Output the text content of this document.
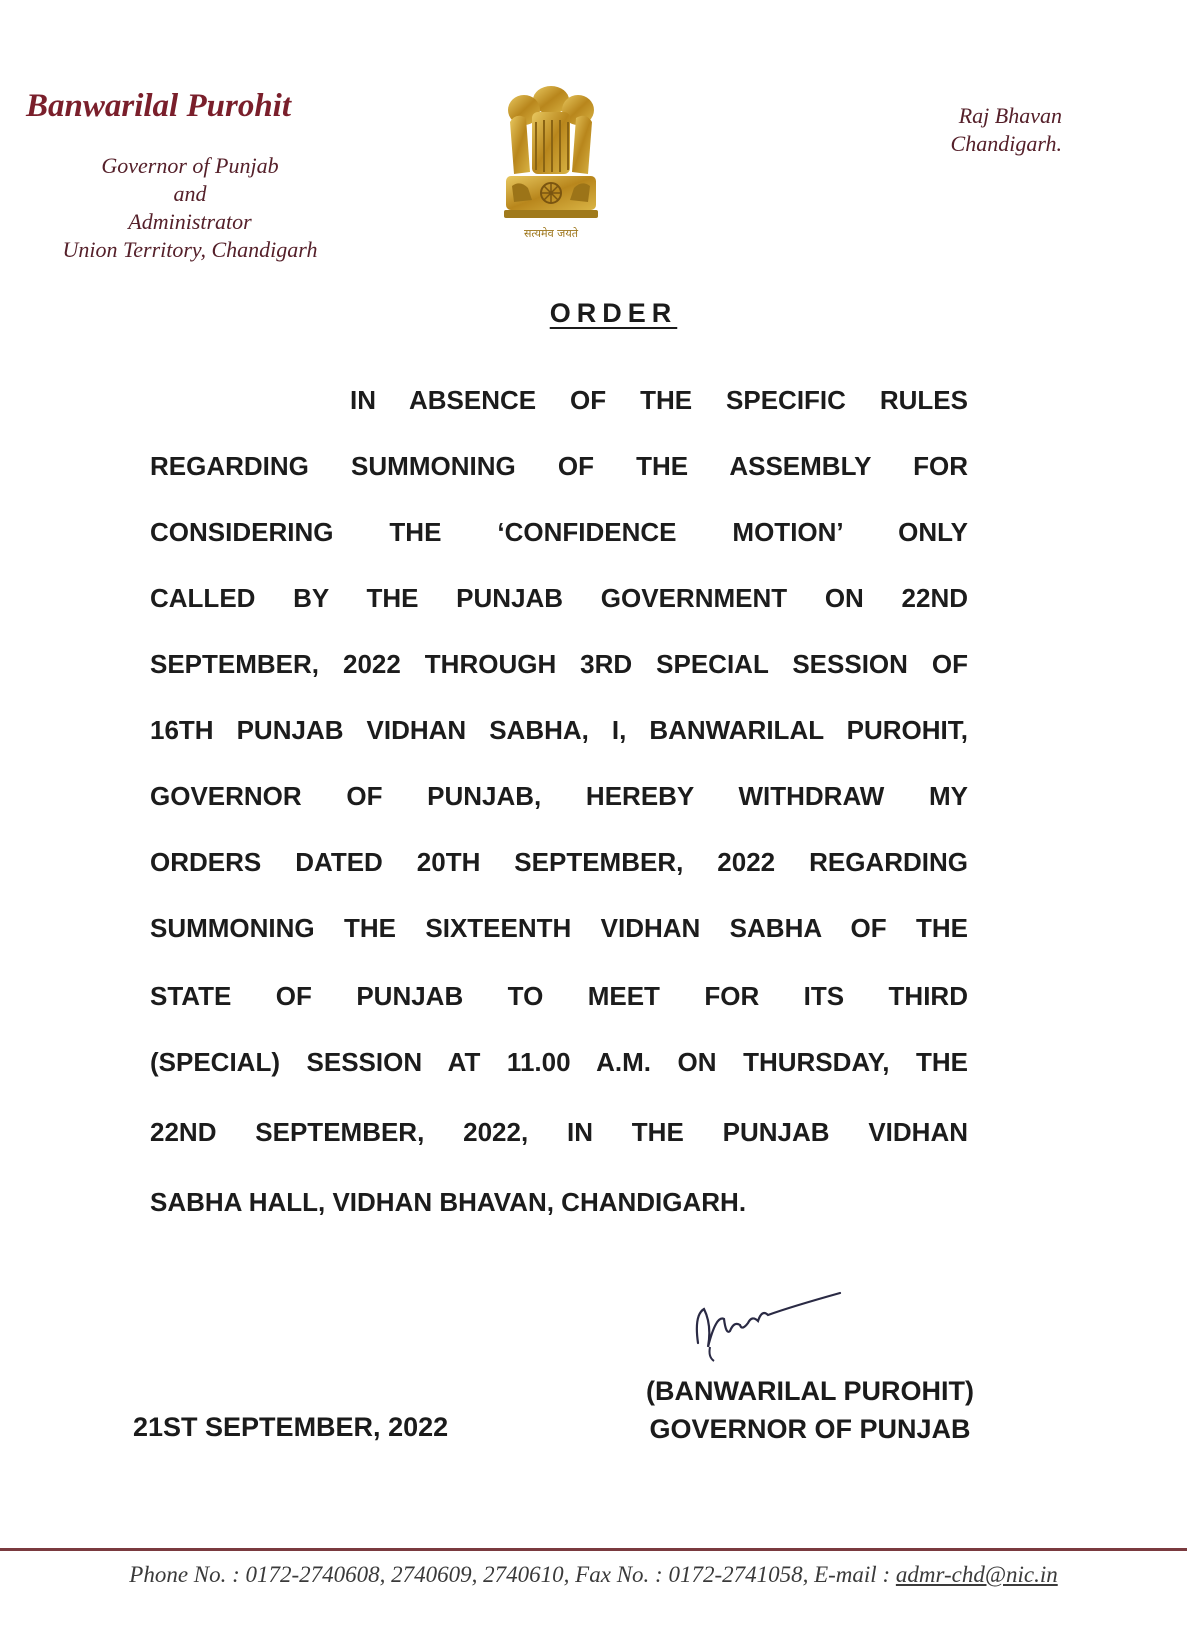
Banwarilal Purohit
Governor of Punjab
and
Administrator
Union Territory, Chandigarh
सत्यमेव जयते
Raj Bhavan
Chandigarh.
ORDER
IN ABSENCE OF THE SPECIFIC RULES
REGARDING SUMMONING OF THE ASSEMBLY FOR
CONSIDERING THE ‘CONFIDENCE MOTION’ ONLY
CALLED BY THE PUNJAB GOVERNMENT ON 22ND
SEPTEMBER, 2022 THROUGH 3RD SPECIAL SESSION OF
16TH PUNJAB VIDHAN SABHA, I, BANWARILAL PUROHIT,
GOVERNOR OF PUNJAB, HEREBY WITHDRAW MY
ORDERS DATED 20TH SEPTEMBER, 2022 REGARDING
SUMMONING THE SIXTEENTH VIDHAN SABHA OF THE
STATE OF PUNJAB TO MEET FOR ITS THIRD
(SPECIAL) SESSION AT 11.00 A.M. ON THURSDAY, THE
22ND SEPTEMBER, 2022, IN THE PUNJAB VIDHAN
SABHA HALL, VIDHAN BHAVAN, CHANDIGARH.
21ST SEPTEMBER, 2022
(BANWARILAL PUROHIT)
GOVERNOR OF PUNJAB
Phone No. : 0172-2740608, 2740609, 2740610, Fax No. : 0172-2741058, E-mail : admr-chd@nic.in
